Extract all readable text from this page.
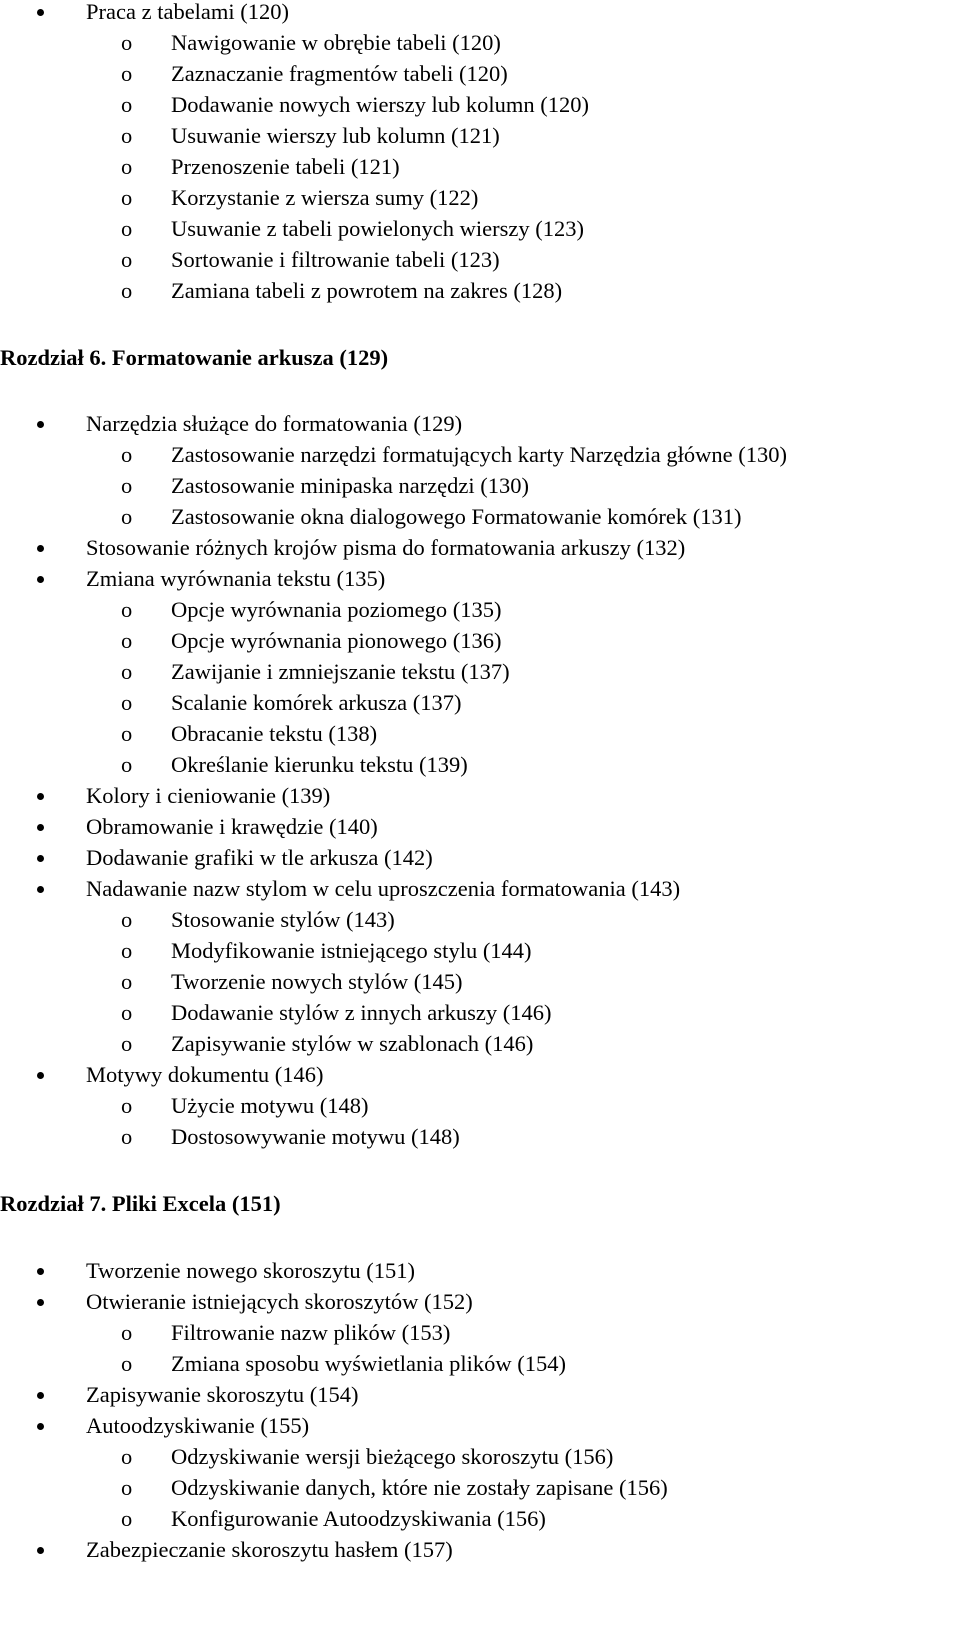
Praca z tabelami (120)
o Nawigowanie w obrębie tabeli (120)
o Zaznaczanie fragmentów tabeli (120)
o Dodawanie nowych wierszy lub kolumn (120)
o Usuwanie wierszy lub kolumn (121)
o Przenoszenie tabeli (121)
o Korzystanie z wiersza sumy (122)
o Usuwanie z tabeli powielonych wierszy (123)
o Sortowanie i filtrowanie tabeli (123)
o Zamiana tabeli z powrotem na zakres (128)
Rozdział 6. Formatowanie arkusza (129)
Narzędzia służące do formatowania (129)
o Zastosowanie narzędzi formatujących karty Narzędzia główne (130)
o Zastosowanie minipaska narzędzi (130)
o Zastosowanie okna dialogowego Formatowanie komórek (131)
Stosowanie różnych krojów pisma do formatowania arkuszy (132)
Zmiana wyrównania tekstu (135)
o Opcje wyrównania poziomego (135)
o Opcje wyrównania pionowego (136)
o Zawijanie i zmniejszanie tekstu (137)
o Scalanie komórek arkusza (137)
o Obracanie tekstu (138)
o Określanie kierunku tekstu (139)
Kolory i cieniowanie (139)
Obramowanie i krawędzie (140)
Dodawanie grafiki w tle arkusza (142)
Nadawanie nazw stylom w celu uproszczenia formatowania (143)
o Stosowanie stylów (143)
o Modyfikowanie istniejącego stylu (144)
o Tworzenie nowych stylów (145)
o Dodawanie stylów z innych arkuszy (146)
o Zapisywanie stylów w szablonach (146)
Motywy dokumentu (146)
o Użycie motywu (148)
o Dostosowywanie motywu (148)
Rozdział 7. Pliki Excela (151)
Tworzenie nowego skoroszytu (151)
Otwieranie istniejących skoroszytów (152)
o Filtrowanie nazw plików (153)
o Zmiana sposobu wyświetlania plików (154)
Zapisywanie skoroszytu (154)
Autoodzyskiwanie (155)
o Odzyskiwanie wersji bieżącego skoroszytu (156)
o Odzyskiwanie danych, które nie zostały zapisane (156)
o Konfigurowanie Autoodzyskiwania (156)
Zabezpieczanie skoroszytu hasłem (157)
